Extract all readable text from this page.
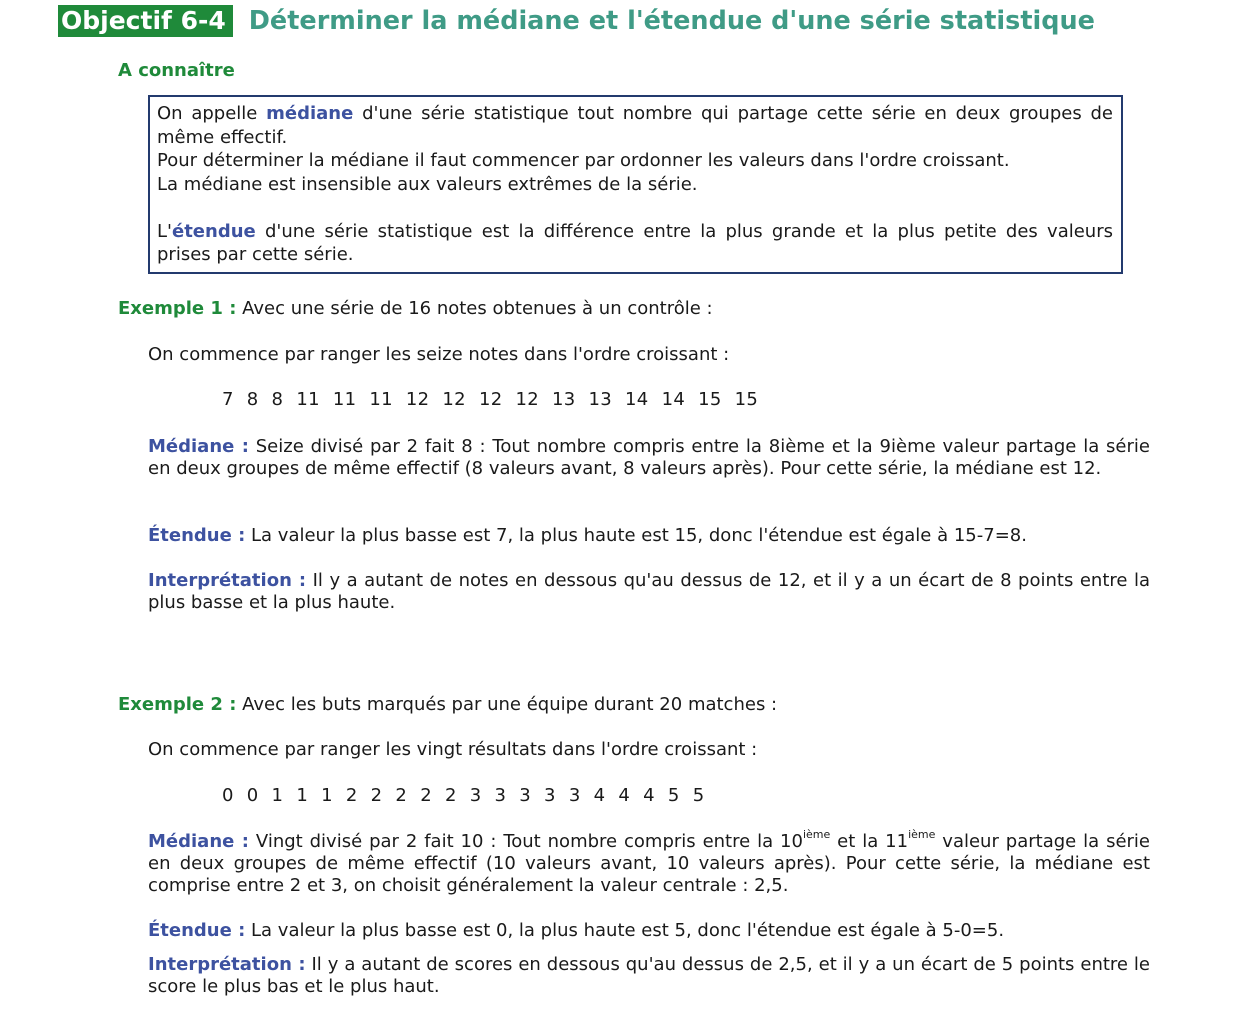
Objectif 6-4 Déterminer la médiane et l'étendue d'une série statistique
A connaître

On appelle médiane d'une série statistique tout nombre qui partage cette série en deux groupes de même effectif.

Pour déterminer la médiane il faut commencer par ordonner les valeurs dans l'ordre croissant.

La médiane est insensible aux valeurs extrêmes de la série.

L'étendue d'une série statistique est la différence entre la plus grande et la plus petite des valeurs prises par cette série.

Exemple 1 : Avec une série de 16 notes obtenues à un contrôle :
On commence par ranger les seize notes dans l'ordre croissant :
7 8 8 11 11 11 12 12 12 12 13 13 14 14 15 15
Médiane : Seize divisé par 2 fait 8 : Tout nombre compris entre la 8ième et la 9ième valeur partage la série en deux groupes de même effectif (8 valeurs avant, 8 valeurs après). Pour cette série, la médiane est 12.
Étendue : La valeur la plus basse est 7, la plus haute est 15, donc l'étendue est égale à 15-7=8.
Interprétation : Il y a autant de notes en dessous qu'au dessus de 12, et il y a un écart de 8 points entre la plus basse et la plus haute.
Exemple 2 : Avec les buts marqués par une équipe durant 20 matches :
On commence par ranger les vingt résultats dans l'ordre croissant :
0 0 1 1 1 2 2 2 2 2 3 3 3 3 3 4 4 4 5 5
Médiane : Vingt divisé par 2 fait 10 : Tout nombre compris entre la 10ième et la 11ième valeur partage la série en deux groupes de même effectif (10 valeurs avant, 10 valeurs après). Pour cette série, la médiane est comprise entre 2 et 3, on choisit généralement la valeur centrale : 2,5.
Étendue : La valeur la plus basse est 0, la plus haute est 5, donc l'étendue est égale à 5-0=5.
Interprétation : Il y a autant de scores en dessous qu'au dessus de 2,5, et il y a un écart de 5 points entre le score le plus bas et le plus haut.
